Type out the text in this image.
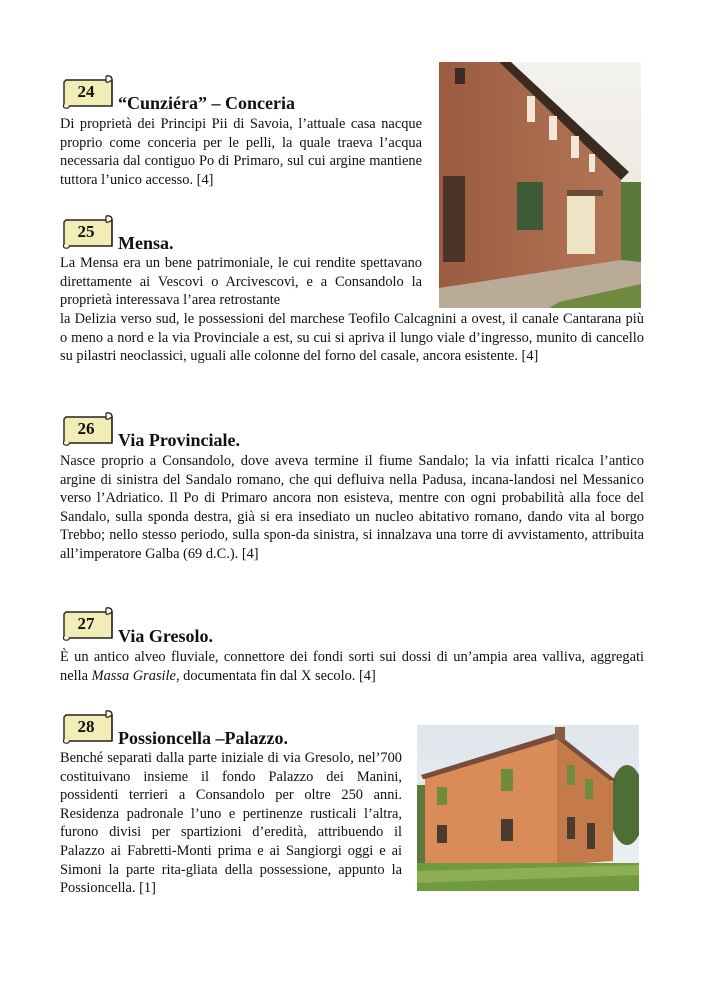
24
“Cunziéra” – Conceria

Di proprietà dei Principi Pii di Savoia, l’attuale casa nacque proprio come conceria per le pelli, la quale traeva l’acqua necessaria dal contiguo Po di Primaro, sul cui argine mantiene tuttora l’unico accesso. [4]

25
Mensa.

La Mensa era un bene patrimoniale, le cui rendite spettavano direttamente ai Vescovi o Arcivescovi, e a Consandolo la proprietà interessava l’area retrostante

la Delizia verso sud, le possessioni del marchese Teofilo Calcagnini a ovest, il canale Cantarana più o meno a nord e la via Provinciale a est, su cui si apriva il lungo viale d’ingresso, munito di cancello su pilastri neoclassici, uguali alle colonne del forno del casale, ancora esistente. [4]

26
Via Provinciale.

Nasce proprio a Consandolo, dove aveva termine il fiume Sandalo; la via infatti ricalca l’antico argine di sinistra del Sandalo romano, che qui defluiva nella Padusa, incana-landosi nel Messanico verso l’Adriatico. Il Po di Primaro ancora non esisteva, mentre con ogni probabilità alla foce del Sandalo, sulla sponda destra, già si era insediato un nucleo abitativo romano, dando vita al borgo Trebbo; nello stesso periodo, sulla spon-da sinistra, si innalzava una torre di avvistamento, attribuita all’imperatore Galba (69 d.C.). [4]

27
Via Gresolo.

È un antico alveo fluviale, connettore dei fondi sorti sui dossi di un’ampia area valliva, aggregati nella Massa Grasile, documentata fin dal X secolo. [4]

28
Possioncella –Palazzo.

Benché separati dalla parte iniziale di via Gresolo, nel’700 costituivano insieme il fondo Palazzo dei Manini, possidenti terrieri a Consandolo per oltre 250 anni. Residenza padronale l’uno e pertinenze rusticali l’altra, furono divisi per spartizioni d’eredità, attribuendo il Palazzo ai Fabretti-Monti prima e ai Sangiorgi oggi e ai Simoni la parte rita-gliata della possessione, appunto la Possioncella. [1]
